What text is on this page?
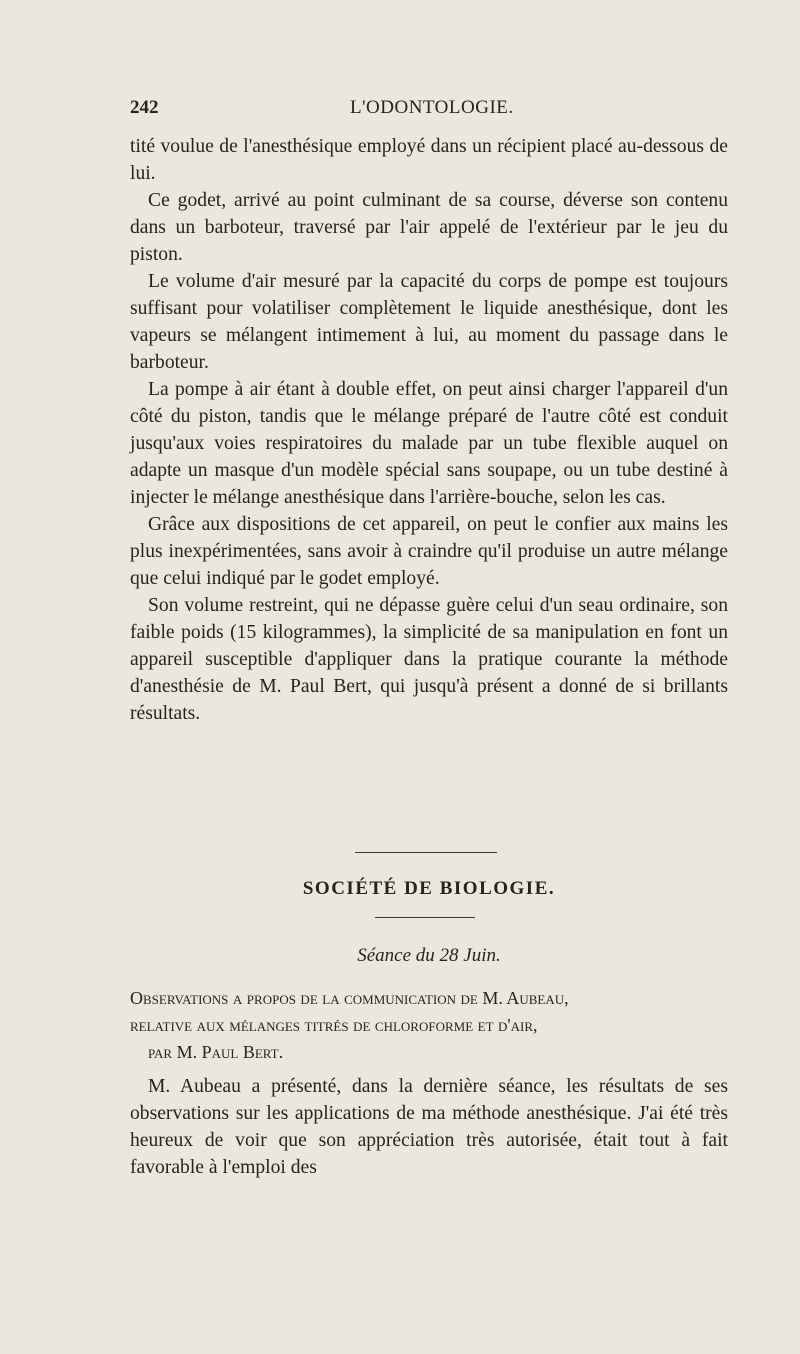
242	L'ODONTOLOGIE.

tité voulue de l'anesthésique employé dans un récipient placé au-dessous de lui.

Ce godet, arrivé au point culminant de sa course, déverse son contenu dans un barboteur, traversé par l'air appelé de l'extérieur par le jeu du piston.

Le volume d'air mesuré par la capacité du corps de pompe est toujours suffisant pour volatiliser complètement le liquide anesthésique, dont les vapeurs se mélangent intimement à lui, au moment du passage dans le barboteur.

La pompe à air étant à double effet, on peut ainsi charger l'appareil d'un côté du piston, tandis que le mélange préparé de l'autre côté est conduit jusqu'aux voies respiratoires du malade par un tube flexible auquel on adapte un masque d'un modèle spécial sans soupape, ou un tube destiné à injecter le mélange anesthésique dans l'arrière-bouche, selon les cas.

Grâce aux dispositions de cet appareil, on peut le confier aux mains les plus inexpérimentées, sans avoir à craindre qu'il produise un autre mélange que celui indiqué par le godet employé.

Son volume restreint, qui ne dépasse guère celui d'un seau ordinaire, son faible poids (15 kilogrammes), la simplicité de sa manipulation en font un appareil susceptible d'appliquer dans la pratique courante la méthode d'anesthésie de M. Paul Bert, qui jusqu'à présent a donné de si brillants résultats.

SOCIÉTÉ DE BIOLOGIE.
Séance du 28 Juin.
Observations a propos de la communication de M. Aubeau,
relative aux mélanges titrés de chloroforme et d'air,
par M. Paul Bert.

M. Aubeau a présenté, dans la dernière séance, les résultats de ses observations sur les applications de ma méthode anesthésique. J'ai été très heureux de voir que son appréciation très autorisée, était tout à fait favorable à l'emploi des
